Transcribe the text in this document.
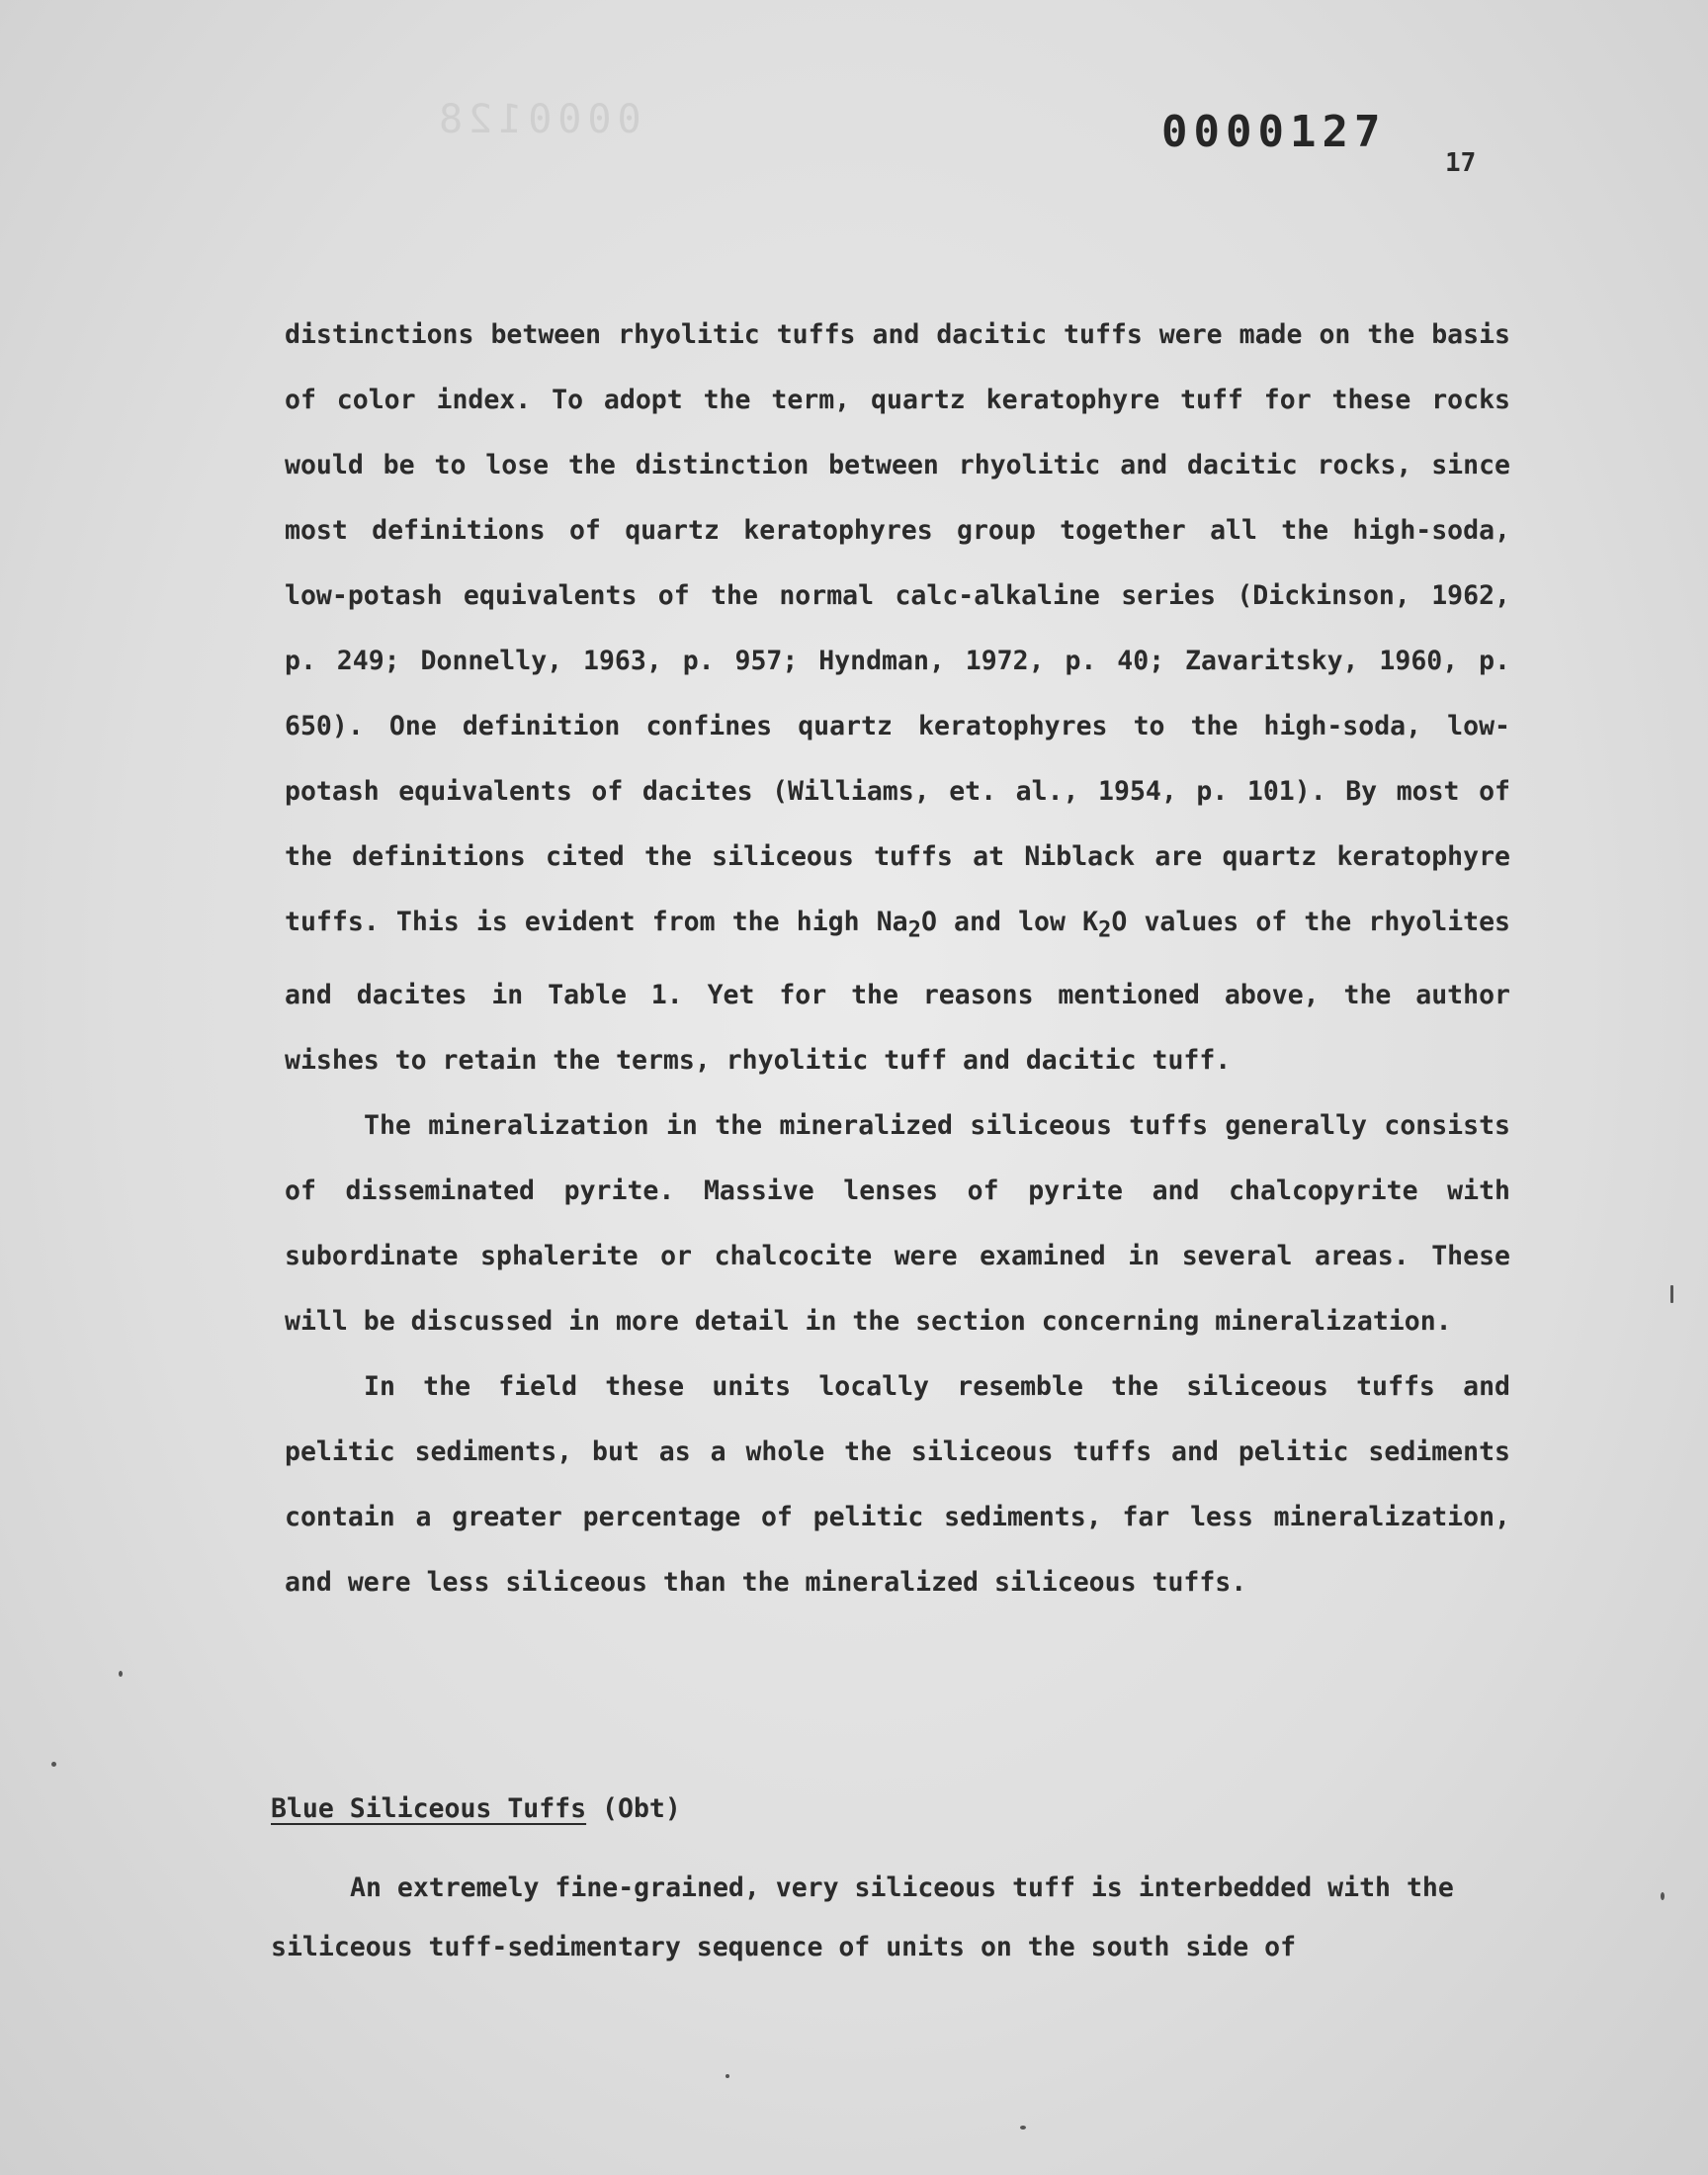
0000128	0000127
17

distinctions between rhyolitic tuffs and dacitic tuffs were made on the basis of color index. To adopt the term, quartz keratophyre tuff for these rocks would be to lose the distinction between rhyolitic and dacitic rocks, since most definitions of quartz keratophyres group together all the high-soda, low-potash equivalents of the normal calc-alkaline series (Dickinson, 1962, p. 249; Donnelly, 1963, p. 957; Hyndman, 1972, p. 40; Zavaritsky, 1960, p. 650). One definition confines quartz keratophyres to the high-soda, low-potash equivalents of dacites (Williams, et. al., 1954, p. 101). By most of the definitions cited the siliceous tuffs at Niblack are quartz keratophyre tuffs. This is evident from the high $Na_2O$ and low $K_2O$ values of the rhyolites and dacites in Table 1. Yet for the reasons mentioned above, the author wishes to retain the terms, rhyolitic tuff and dacitic tuff.

The mineralization in the mineralized siliceous tuffs generally consists of disseminated pyrite. Massive lenses of pyrite and chalcopyrite with subordinate sphalerite or chalcocite were examined in several areas. These will be discussed in more detail in the section concerning mineralization.

In the field these units locally resemble the siliceous tuffs and pelitic sediments, but as a whole the siliceous tuffs and pelitic sediments contain a greater percentage of pelitic sediments, far less mineralization, and were less siliceous than the mineralized siliceous tuffs.

Blue Siliceous Tuffs (Obt)

An extremely fine-grained, very siliceous tuff is interbedded with the siliceous tuff-sedimentary sequence of units on the south side of
